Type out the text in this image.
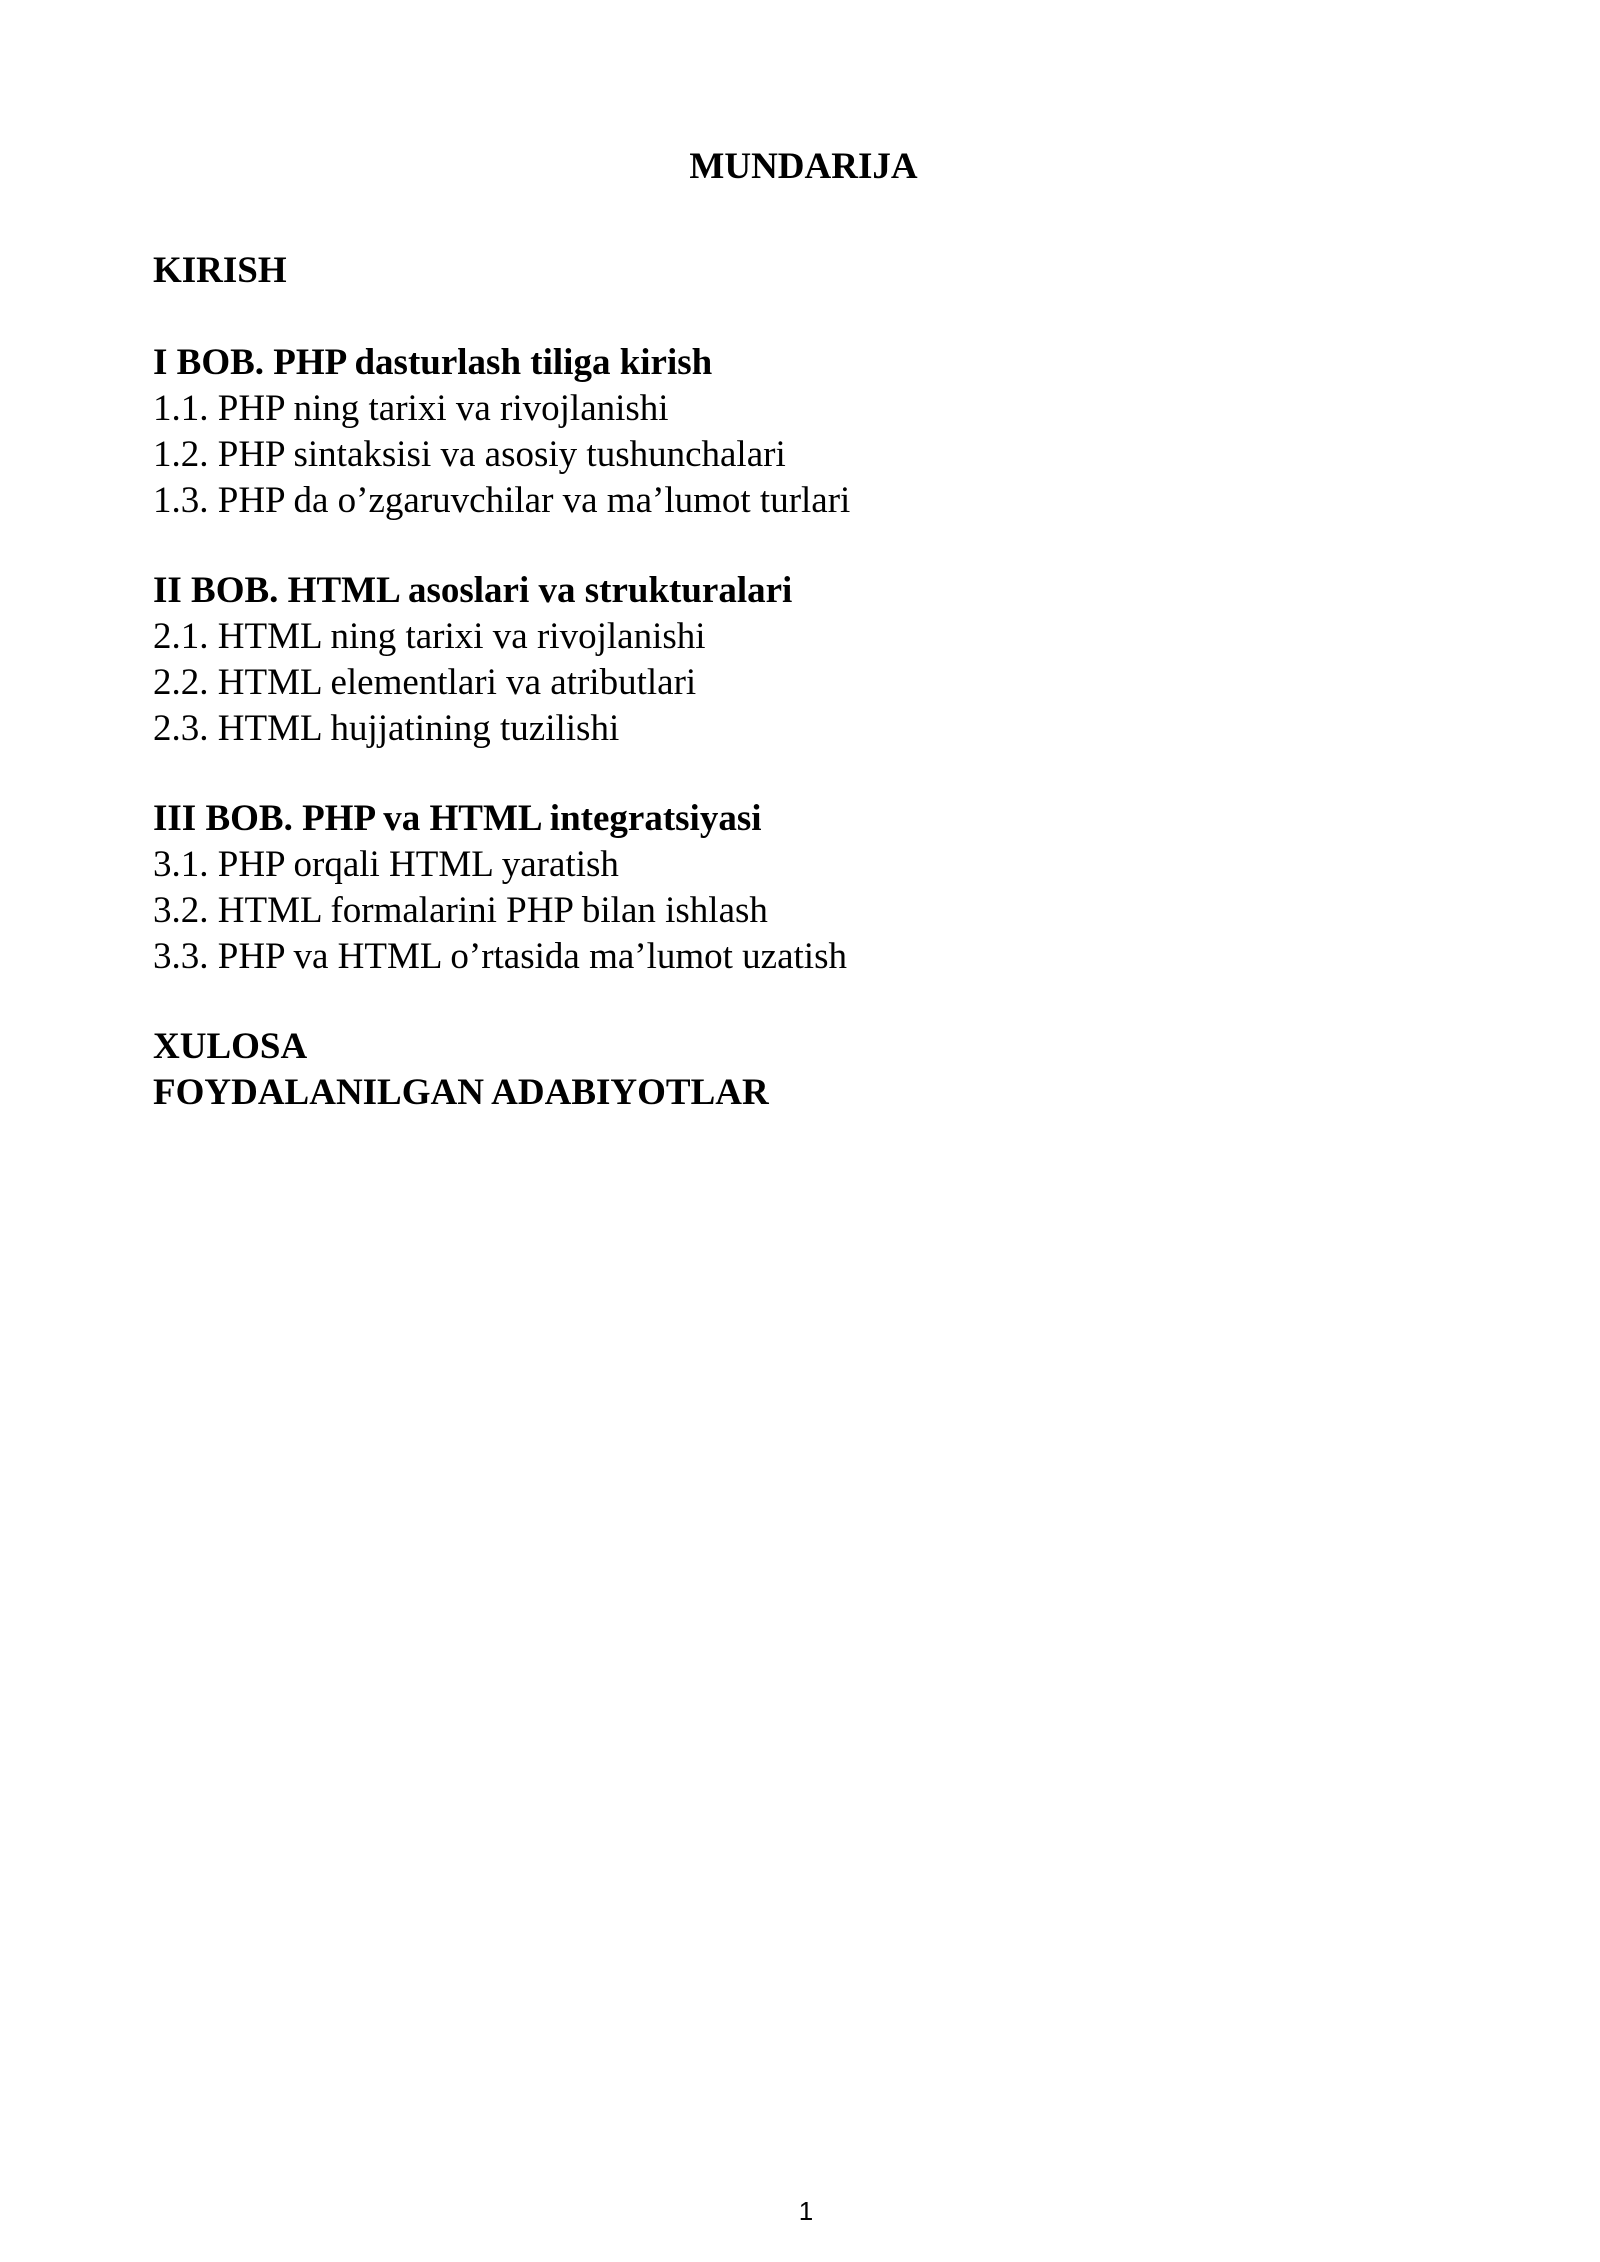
MUNDARIJA
KIRISH
I BOB. PHP dasturlash tiliga kirish
1.1. PHP ning tarixi va rivojlanishi
1.2. PHP sintaksisi va asosiy tushunchalari
1.3. PHP da o’zgaruvchilar va ma’lumot turlari
II BOB. HTML asoslari va strukturalari
2.1. HTML ning tarixi va rivojlanishi
2.2. HTML elementlari va atributlari
2.3. HTML hujjatining tuzilishi
III BOB. PHP va HTML integratsiyasi
3.1. PHP orqali HTML yaratish
3.2. HTML formalarini PHP bilan ishlash
3.3. PHP va HTML o’rtasida ma’lumot uzatish
XULOSA
FOYDALANILGAN ADABIYOTLAR
1
